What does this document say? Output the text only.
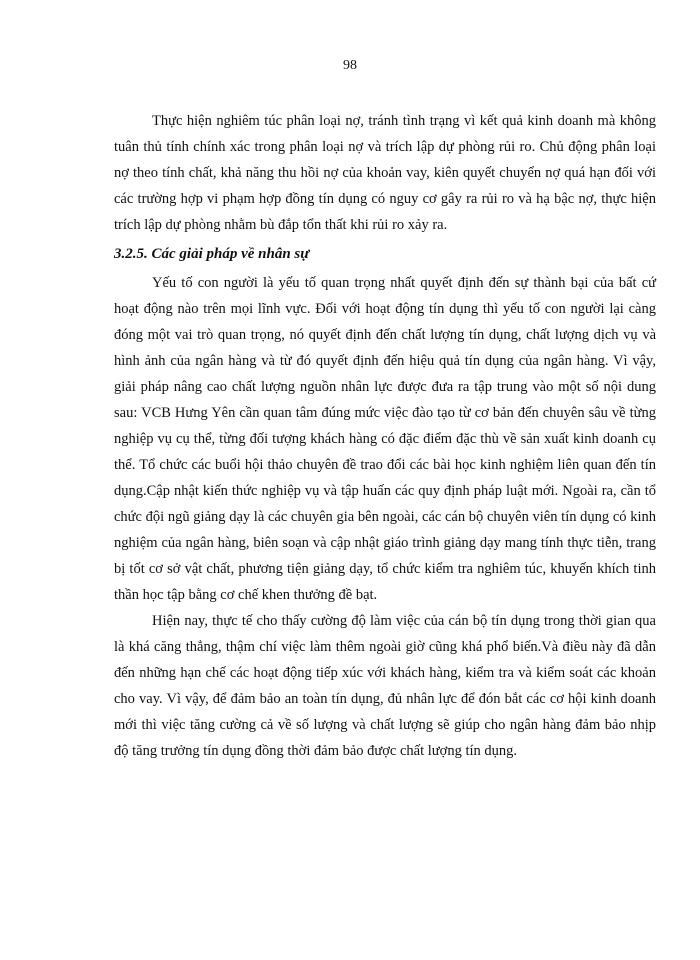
98

Thực hiện nghiêm túc phân loại nợ, tránh tình trạng vì kết quả kinh doanh mà không tuân thủ tính chính xác trong phân loại nợ và trích lập dự phòng rủi ro. Chủ động phân loại nợ theo tính chất, khả năng thu hồi nợ của khoản vay, kiên quyết chuyển nợ quá hạn đối với các trường hợp vi phạm hợp đồng tín dụng có nguy cơ gây ra rủi ro và hạ bậc nợ, thực hiện trích lập dự phòng nhằm bù đắp tổn thất khi rủi ro xảy ra.

3.2.5. Các giải pháp về nhân sự

Yếu tố con người là yếu tố quan trọng nhất quyết định đến sự thành bại của bất cứ hoạt động nào trên mọi lĩnh vực. Đối với hoạt động tín dụng thì yếu tố con người lại càng đóng một vai trò quan trọng, nó quyết định đến chất lượng tín dụng, chất lượng dịch vụ và hình ảnh của ngân hàng và từ đó quyết định đến hiệu quả tín dụng của ngân hàng. Vì vậy, giải pháp nâng cao chất lượng nguồn nhân lực được đưa ra tập trung vào một số nội dung sau: VCB Hưng Yên cần quan tâm đúng mức việc đào tạo từ cơ bản đến chuyên sâu về từng nghiệp vụ cụ thể, từng đối tượng khách hàng có đặc điểm đặc thù về sản xuất kinh doanh cụ thể. Tổ chức các buổi hội thảo chuyên đề trao đổi các bài học kinh nghiệm liên quan đến tín dụng.Cập nhật kiến thức nghiệp vụ và tập huấn các quy định pháp luật mới. Ngoài ra, cần tổ chức đội ngũ giảng dạy là các chuyên gia bên ngoài, các cán bộ chuyên viên tín dụng có kinh nghiệm của ngân hàng, biên soạn và cập nhật giáo trình giảng dạy mang tính thực tiễn, trang bị tốt cơ sở vật chất, phương tiện giảng dạy, tổ chức kiểm tra nghiêm túc, khuyến khích tinh thần học tập bằng cơ chế khen thưởng đề bạt.

Hiện nay, thực tế cho thấy cường độ làm việc của cán bộ tín dụng trong thời gian qua là khá căng thẳng, thậm chí việc làm thêm ngoài giờ cũng khá phổ biến.Và điều này đã dẫn đến những hạn chế các hoạt động tiếp xúc với khách hàng, kiểm tra và kiểm soát các khoản cho vay. Vì vậy, để đảm bảo an toàn tín dụng, đủ nhân lực để đón bắt các cơ hội kinh doanh mới thì việc tăng cường cả về số lượng và chất lượng sẽ giúp cho ngân hàng đảm bảo nhịp độ tăng trưởng tín dụng đồng thời đảm bảo được chất lượng tín dụng.
